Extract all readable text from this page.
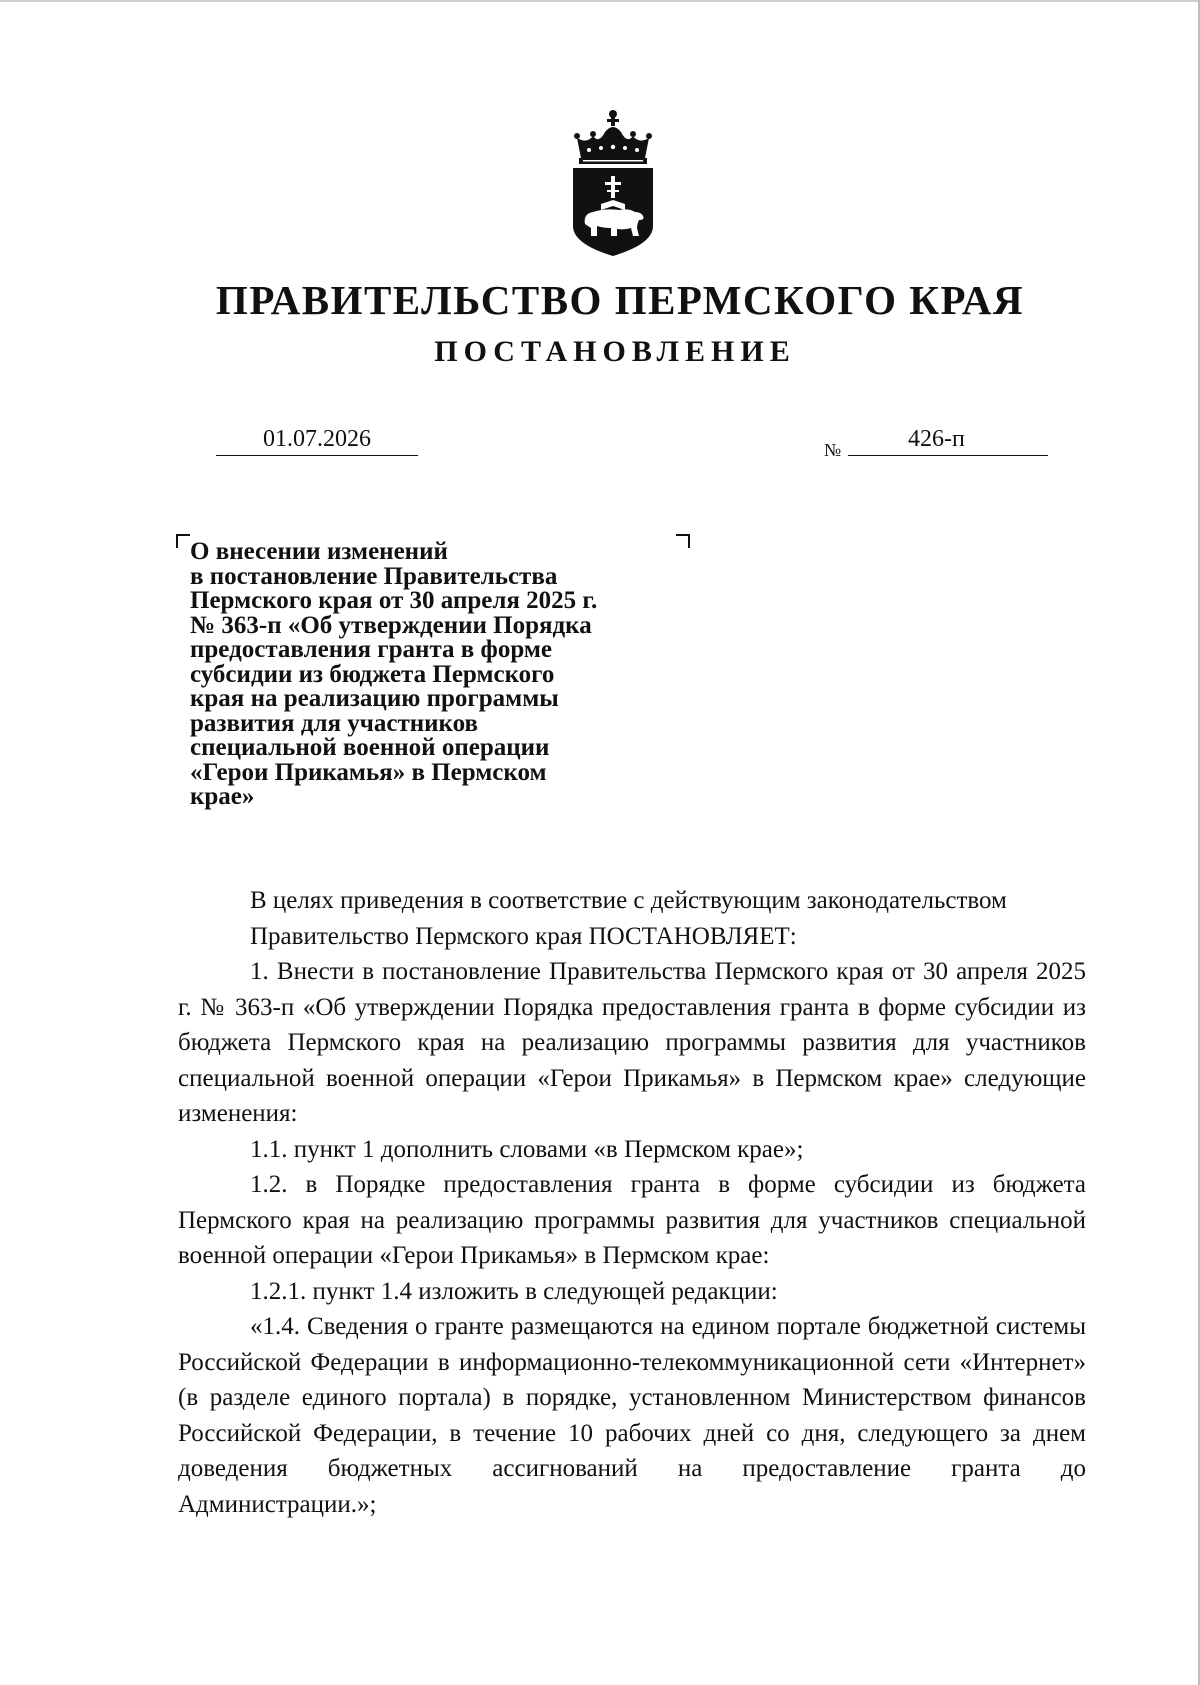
ПРАВИТЕЛЬСТВО ПЕРМСКОГО КРАЯ
ПОСТАНОВЛЕНИЕ
01.07.2026	№	426-п
О внесении изменений
в постановление Правительства
Пермского края от 30 апреля 2025 г.
№ 363-п «Об утверждении Порядка
предоставления гранта в форме
субсидии из бюджета Пермского
края на реализацию программы
развития для участников
специальной военной операции
«Герои Прикамья» в Пермском
крае»

В целях приведения в соответствие с действующим законодательством

Правительство Пермского края ПОСТАНОВЛЯЕТ:

1. Внести в постановление Правительства Пермского края от 30 апреля 2025 г. № 363-п «Об утверждении Порядка предоставления гранта в форме субсидии из бюджета Пермского края на реализацию программы развития для участников специальной военной операции «Герои Прикамья» в Пермском крае» следующие изменения:

1.1. пункт 1 дополнить словами «в Пермском крае»;

1.2. в Порядке предоставления гранта в форме субсидии из бюджета Пермского края на реализацию программы развития для участников специальной военной операции «Герои Прикамья» в Пермском крае:

1.2.1. пункт 1.4 изложить в следующей редакции:

«1.4. Сведения о гранте размещаются на едином портале бюджетной системы Российской Федерации в информационно-телекоммуникационной сети «Интернет» (в разделе единого портала) в порядке, установленном Министерством финансов Российской Федерации, в течение 10 рабочих дней со дня, следующего за днем доведения бюджетных ассигнований на предоставление гранта до Администрации.»;
